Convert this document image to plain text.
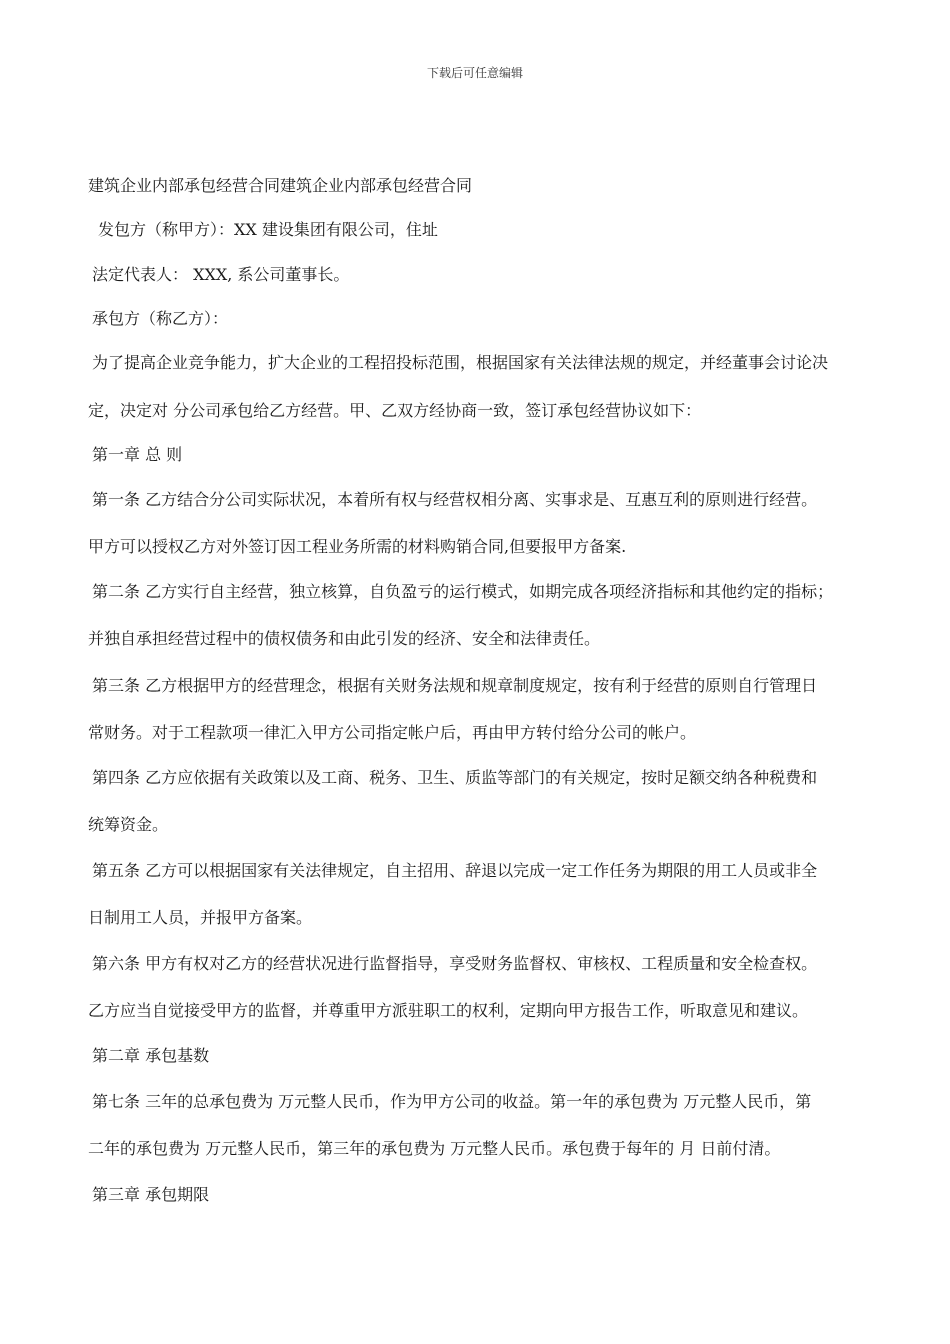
下载后可任意编辑
建筑企业内部承包经营合同建筑企业内部承包经营合同
发包方（称甲方）：XX 建设集团有限公司，住址
法定代表人： XXX, 系公司董事长。
承包方（称乙方）：
为了提高企业竞争能力，扩大企业的工程招投标范围，根据国家有关法律法规的规定，并经董事会讨论决
定，决定对 分公司承包给乙方经营。甲、乙双方经协商一致，签订承包经营协议如下：
第一章 总 则
第一条 乙方结合分公司实际状况，本着所有权与经营权相分离、实事求是、互惠互利的原则进行经营。
甲方可以授权乙方对外签订因工程业务所需的材料购销合同,但要报甲方备案.
第二条 乙方实行自主经营，独立核算，自负盈亏的运行模式，如期完成各项经济指标和其他约定的指标；
并独自承担经营过程中的债权债务和由此引发的经济、安全和法律责任。
第三条 乙方根据甲方的经营理念，根据有关财务法规和规章制度规定，按有利于经营的原则自行管理日
常财务。对于工程款项一律汇入甲方公司指定帐户后，再由甲方转付给分公司的帐户。
第四条 乙方应依据有关政策以及工商、税务、卫生、质监等部门的有关规定，按时足额交纳各种税费和
统筹资金。
第五条 乙方可以根据国家有关法律规定，自主招用、辞退以完成一定工作任务为期限的用工人员或非全
日制用工人员，并报甲方备案。
第六条 甲方有权对乙方的经营状况进行监督指导，享受财务监督权、审核权、工程质量和安全检查权。
乙方应当自觉接受甲方的监督，并尊重甲方派驻职工的权利，定期向甲方报告工作，听取意见和建议。
第二章 承包基数
第七条 三年的总承包费为 万元整人民币，作为甲方公司的收益。第一年的承包费为 万元整人民币，第
二年的承包费为 万元整人民币，第三年的承包费为 万元整人民币。承包费于每年的 月 日前付清。
第三章 承包期限
